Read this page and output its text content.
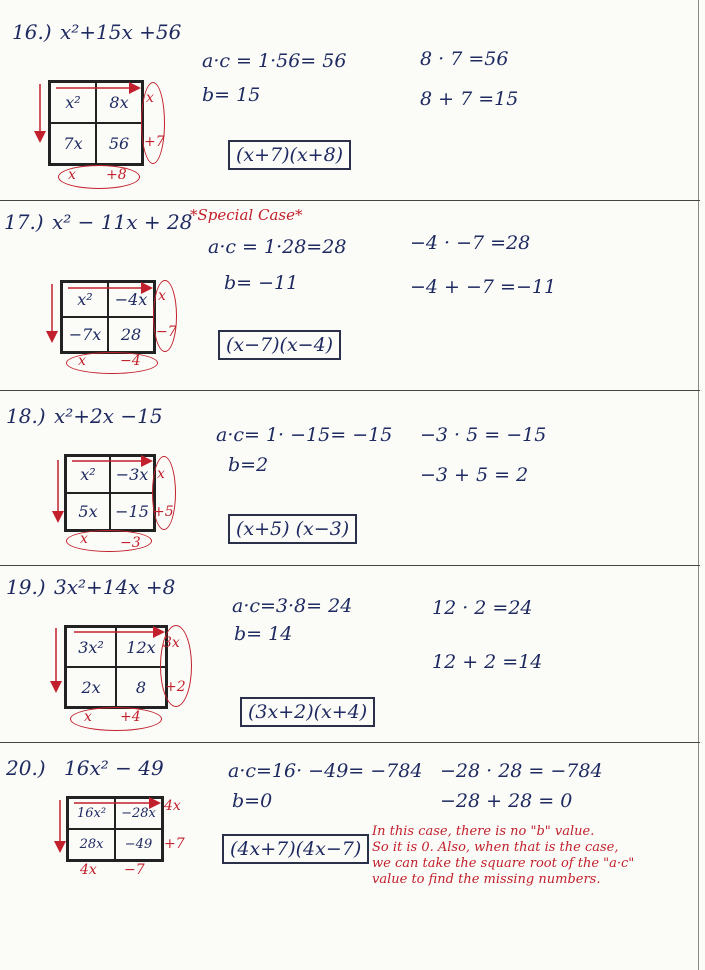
16.) x²+15x +56
a·c = 1·56= 56
b= 15
8 · 7 =56
8 + 7 =15
(x+7)(x+8)
x²	8x
7x	56
x
+7
x +8
17.) x² − 11x + 28
*Special Case*
a·c = 1·28=28
b= −11
−4 · −7 =28
−4 + −7 =−11
(x−7)(x−4)
x²	−4x
−7x	28
x
−7
x −4
18.) x²+2x −15
a·c= 1· −15= −15
b=2
−3 · 5 = −15
−3 + 5 = 2
(x+5) (x−3)
x²	−3x
5x	−15
x
+5
x −3
19.) 3x²+14x +8
a·c=3·8= 24
b= 14
12 · 2 =24
12 + 2 =14
(3x+2)(x+4)
3x²	12x
2x	8
3x
+2
x +4
20.) 16x² − 49	a·c=16· −49= −784
b=0
−28 · 28 = −784
−28 + 28 = 0
(4x+7)(4x−7)
16x²	−28x
28x	−49
4x
+7
4x −7
In this case, there is no "b" value.
So it is 0. Also, when that is the case,
we can take the square root of the "a·c"
value to find the missing numbers.
